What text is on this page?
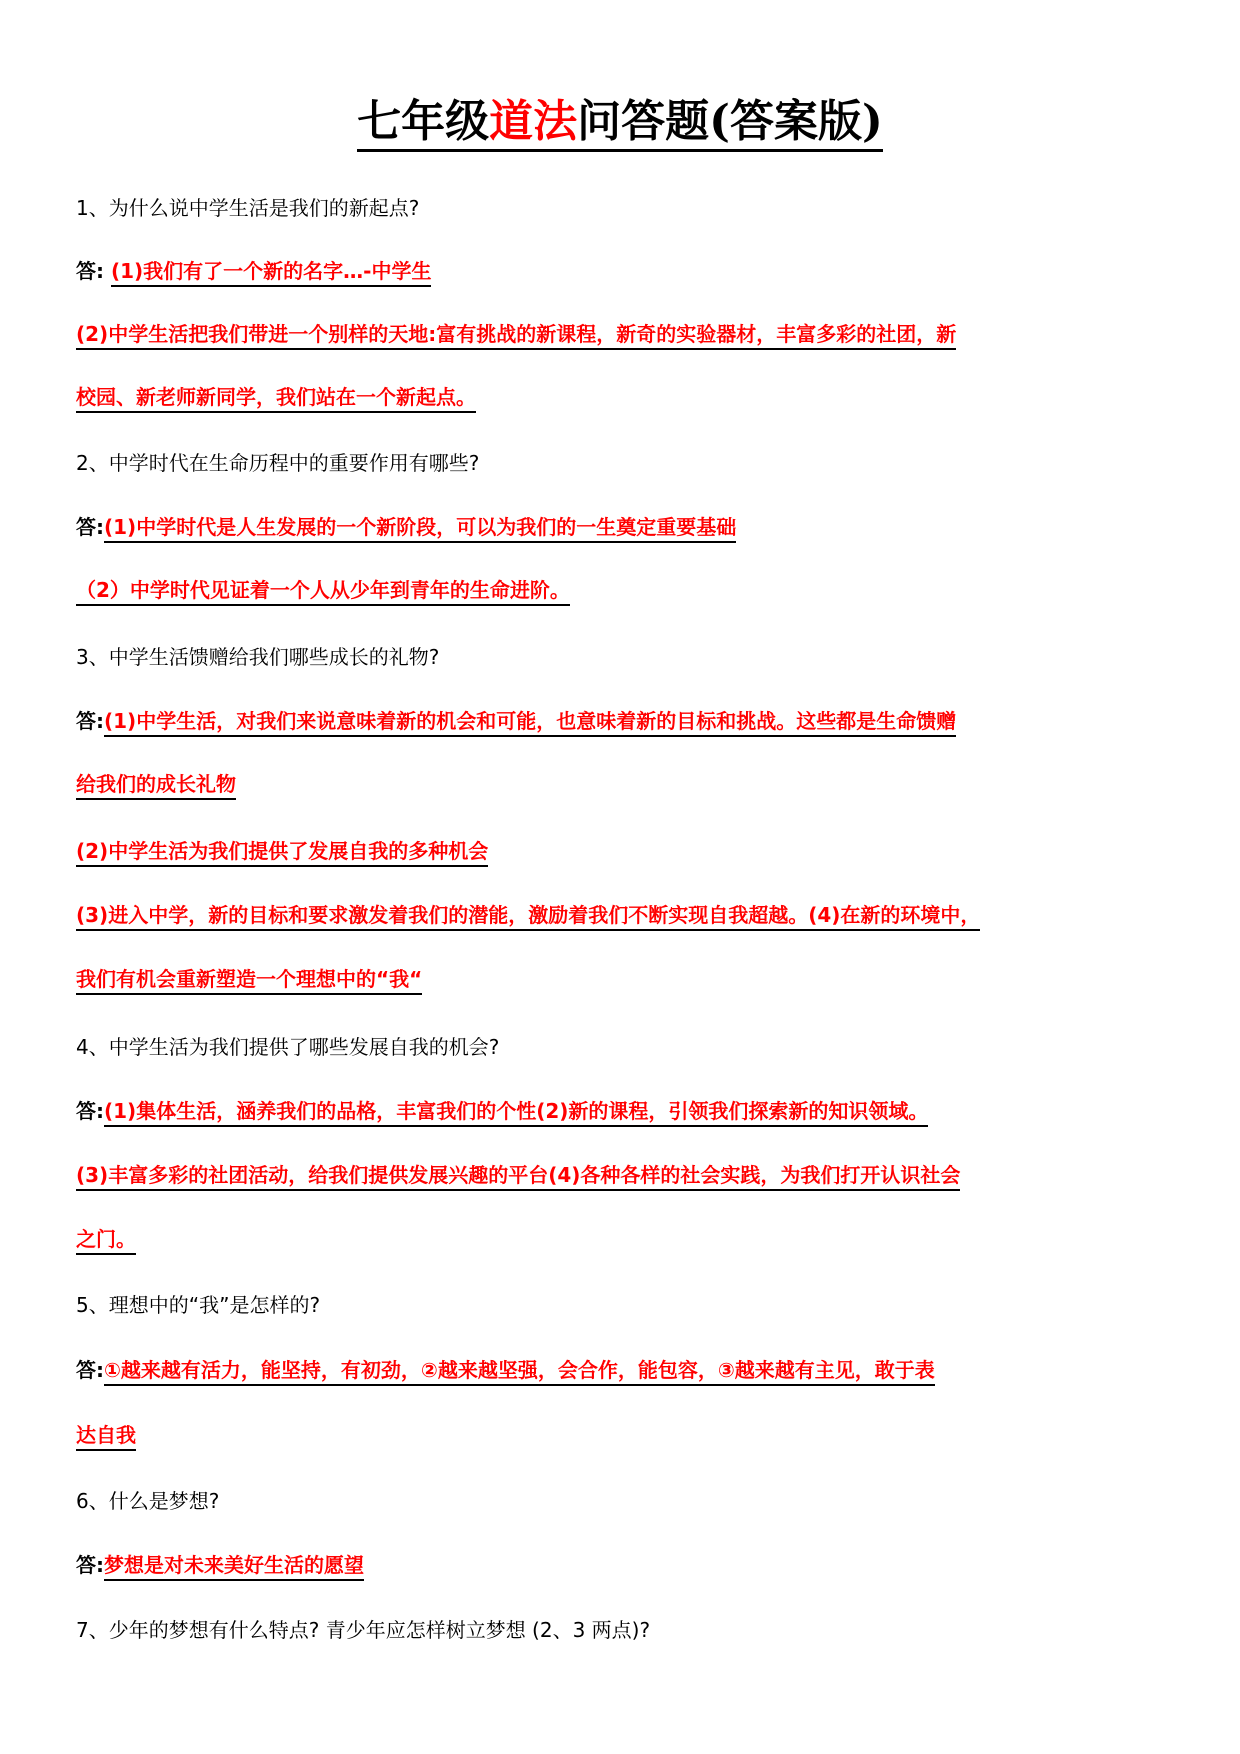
七年级道法问答题(答案版)
1、为什么说中学生活是我们的新起点?
答: (1)我们有了一个新的名字…-中学生
(2)中学生活把我们带进一个别样的天地:富有挑战的新课程，新奇的实验器材，丰富多彩的社团，新
校园、新老师新同学，我们站在一个新起点。
2、中学时代在生命历程中的重要作用有哪些?
答:(1)中学时代是人生发展的一个新阶段，可以为我们的一生奠定重要基础
（2）中学时代见证着一个人从少年到青年的生命进阶。
3、中学生活馈赠给我们哪些成长的礼物?
答:(1)中学生活，对我们来说意味着新的机会和可能，也意味着新的目标和挑战。这些都是生命馈赠
给我们的成长礼物
(2)中学生活为我们提供了发展自我的多种机会
(3)进入中学，新的目标和要求激发着我们的潜能，激励着我们不断实现自我超越。(4)在新的环境中，
我们有机会重新塑造一个理想中的“我“
4、中学生活为我们提供了哪些发展自我的机会?
答:(1)集体生活，涵养我们的品格，丰富我们的个性(2)新的课程，引领我们探索新的知识领域。
(3)丰富多彩的社团活动，给我们提供发展兴趣的平台(4)各种各样的社会实践，为我们打开认识社会
之门。
5、理想中的“我”是怎样的?
答:①越来越有活力，能坚持，有初劲，②越来越坚强，会合作，能包容，③越来越有主见，敢于表
达自我
6、什么是梦想?
答:梦想是对未来美好生活的愿望
7、少年的梦想有什么特点? 青少年应怎样树立梦想 (2、3 两点)?
